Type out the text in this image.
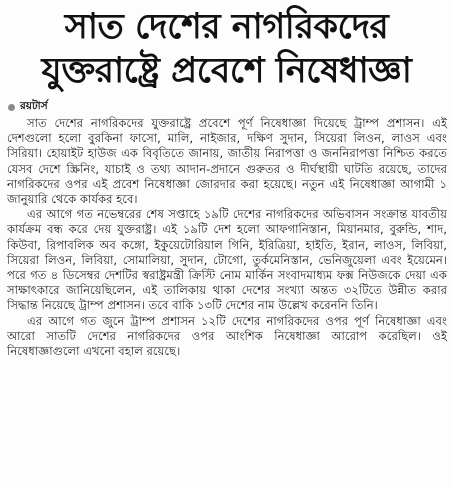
সাত দেশের নাগরিকদের
যুক্তরাষ্ট্রে প্রবেশে নিষেধাজ্ঞা
রয়টার্স

সাত দেশের নাগরিকদের যুক্তরাষ্ট্রে প্রবেশে পূর্ণ নিষেধাজ্ঞা দিয়েছে ট্রাম্প প্রশাসন। এই দেশগুলো হলো বুরকিনা ফাসো, মালি, নাইজার, দক্ষিণ সুদান, সিয়েরা লিওন, লাওস এবং সিরিয়া। হোয়াইট হাউজ এক বিবৃতিতে জানায়, জাতীয় নিরাপত্তা ও জননিরাপত্তা নিশ্চিত করতে যেসব দেশে স্ক্রিনিং, যাচাই ও তথ্য আদান-প্রদানে গুরুতর ও দীর্ঘস্থায়ী ঘাটতি রয়েছে, তাদের নাগরিকদের ওপর এই প্রবেশ নিষেধাজ্ঞা জোরদার করা হয়েছে। নতুন এই নিষেধাজ্ঞা আগামী ১ জানুয়ারি থেকে কার্যকর হবে।

এর আগে গত নভেম্বরের শেষ সপ্তাহে ১৯টি দেশের নাগরিকদের অভিবাসন সংক্রান্ত যাবতীয় কার্যক্রম বন্ধ করে দেয় যুক্তরাষ্ট্র। এই ১৯টি দেশ হলো আফগানিস্তান, মিয়ানমার, বুরুন্ডি, শাদ, কিউবা, রিপাবলিক অব কঙ্গো, ইকুয়েটোরিয়াল গিনি, ইরিত্রিয়া, হাইতি, ইরান, লাওস, লিবিয়া, সিয়েরা লিওন, লিবিয়া, সোমালিয়া, সুদান, টোগো, তুর্কমেনিস্তান, ভেনিজুয়েলা এবং ইয়েমেন। পরে গত ৪ ডিসেম্বর দেশটির স্বরাষ্ট্রমন্ত্রী ক্রিস্টি নোম মার্কিন সংবাদমাধ্যম ফক্স নিউজকে দেয়া এক সাক্ষাৎকারে জানিয়েছিলেন, এই তালিকায় থাকা দেশের সংখ্যা অন্তত ৩২টিতে উন্নীত করার সিদ্ধান্ত নিয়েছে ট্রাম্প প্রশাসন। তবে বাকি ১৩টি দেশের নাম উল্লেখ করেননি তিনি।

এর আগে গত জুনে ট্রাম্প প্রশাসন ১২টি দেশের নাগরিকদের ওপর পূর্ণ নিষেধাজ্ঞা এবং আরো সাতটি দেশের নাগরিকদের ওপর আংশিক নিষেধাজ্ঞা আরোপ করেছিল। ওই নিষেধাজ্ঞাগুলো এখনো বহাল রয়েছে।
